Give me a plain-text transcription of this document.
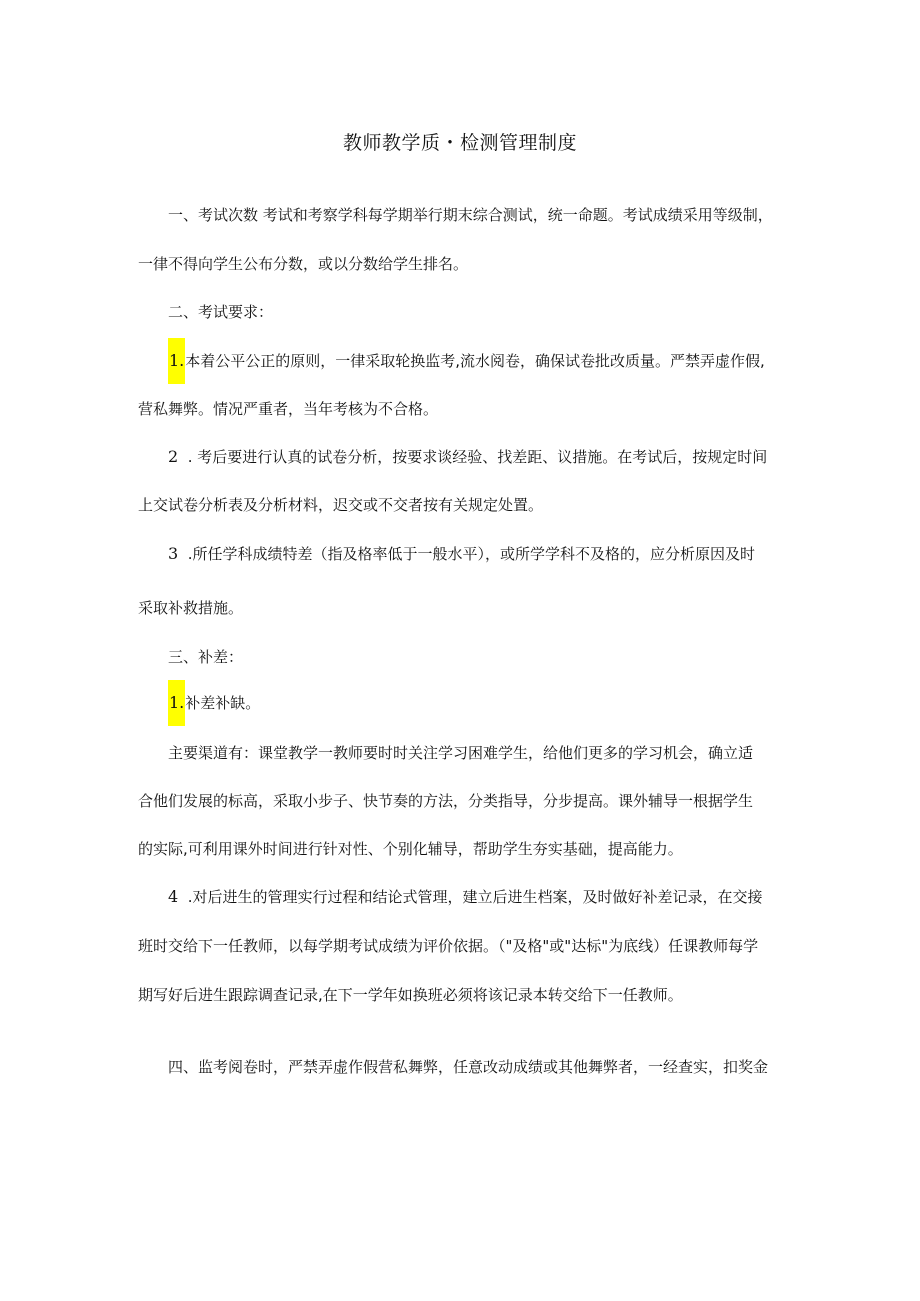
教师教学质・检测管理制度
一、考试次数 考试和考察学科每学期举行期末综合测试，统一命题。考试成绩采用等级制，
一律不得向学生公布分数，或以分数给学生排名。
二、考试要求：
1.本着公平公正的原则，一律采取轮换监考,流水阅卷，确保试卷批改质量。严禁弄虚作假,
营私舞弊。情况严重者，当年考核为不合格。
2 . 考后要进行认真的试卷分析，按要求谈经验、找差距、议措施。在考试后，按规定时间
上交试卷分析表及分析材料，迟交或不交者按有关规定处置。
3 .所任学科成绩特差（指及格率低于一般水平），或所学学科不及格的，应分析原因及时
采取补救措施。
三、补差：
1.补差补缺。
主要渠道有：课堂教学一教师要时时关注学习困难学生，给他们更多的学习机会，确立适
合他们发展的标高，采取小步子、快节奏的方法，分类指导，分步提高。课外辅导一根据学生
的实际,可利用课外时间进行针对性、个别化辅导，帮助学生夯实基础，提高能力。
4 .对后进生的管理实行过程和结论式管理，建立后进生档案，及时做好补差记录，在交接
班时交给下一任教师，以每学期考试成绩为评价依据。（"及格"或"达标"为底线）任课教师每学
期写好后进生跟踪调查记录,在下一学年如换班必须将该记录本转交给下一任教师。
四、监考阅卷时，严禁弄虚作假营私舞弊，任意改动成绩或其他舞弊者，一经查实，扣奖金
